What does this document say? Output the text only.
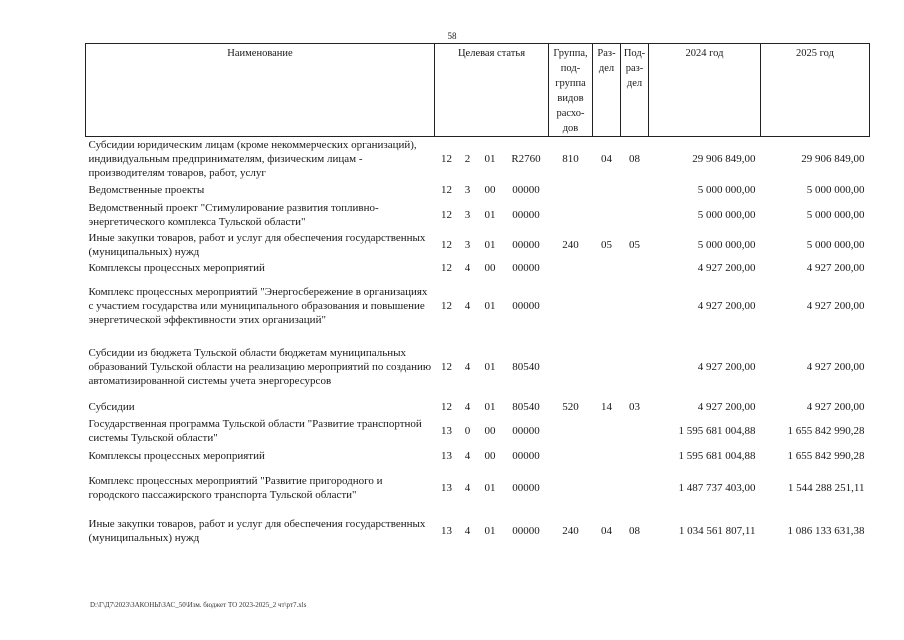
58
Наименование	Целевая статья				Группа, под-группа видов расхо-дов	Раз-дел	Под-раз-дел	2024 год	2025 год
Субсидии юридическим лицам (кроме некоммерческих организаций), индивидуальным предпринимателям, физическим лицам - производителям товаров, работ, услуг	12	2	01	R2760	810	04	08	29 906 849,00	29 906 849,00
Ведомственные проекты	12	3	00	00000				5 000 000,00	5 000 000,00
Ведомственный проект "Стимулирование развития топливно-энергетического комплекса Тульской области"	12	3	01	00000				5 000 000,00	5 000 000,00
Иные закупки товаров, работ и услуг для обеспечения государственных (муниципальных) нужд	12	3	01	00000	240	05	05	5 000 000,00	5 000 000,00
Комплексы процессных мероприятий	12	4	00	00000				4 927 200,00	4 927 200,00
Комплекс процессных мероприятий "Энергосбережение в организациях с участием государства или муниципального образования и повышение энергетической эффективности этих организаций"	12	4	01	00000				4 927 200,00	4 927 200,00
Субсидии из бюджета Тульской области бюджетам муниципальных образований Тульской области на реализацию мероприятий по созданию автоматизированной системы учета энергоресурсов	12	4	01	80540				4 927 200,00	4 927 200,00
Субсидии	12	4	01	80540	520	14	03	4 927 200,00	4 927 200,00
Государственная программа Тульской области "Развитие транспортной системы Тульской области"	13	0	00	00000				1 595 681 004,88	1 655 842 990,28
Комплексы процессных мероприятий	13	4	00	00000				1 595 681 004,88	1 655 842 990,28
Комплекс процессных мероприятий "Развитие пригородного и городского пассажирского транспорта Тульской области"	13	4	01	00000				1 487 737 403,00	1 544 288 251,11
Иные закупки товаров, работ и услуг для обеспечения государственных (муниципальных) нужд	13	4	01	00000	240	04	08	1 034 561 807,11	1 086 133 631,38
D:\Г\Д7\2023\ЗАКОНЫ\ЗАС_50\Изм. бюджет ТО 2023-2025_2 чт\рт7.xls
